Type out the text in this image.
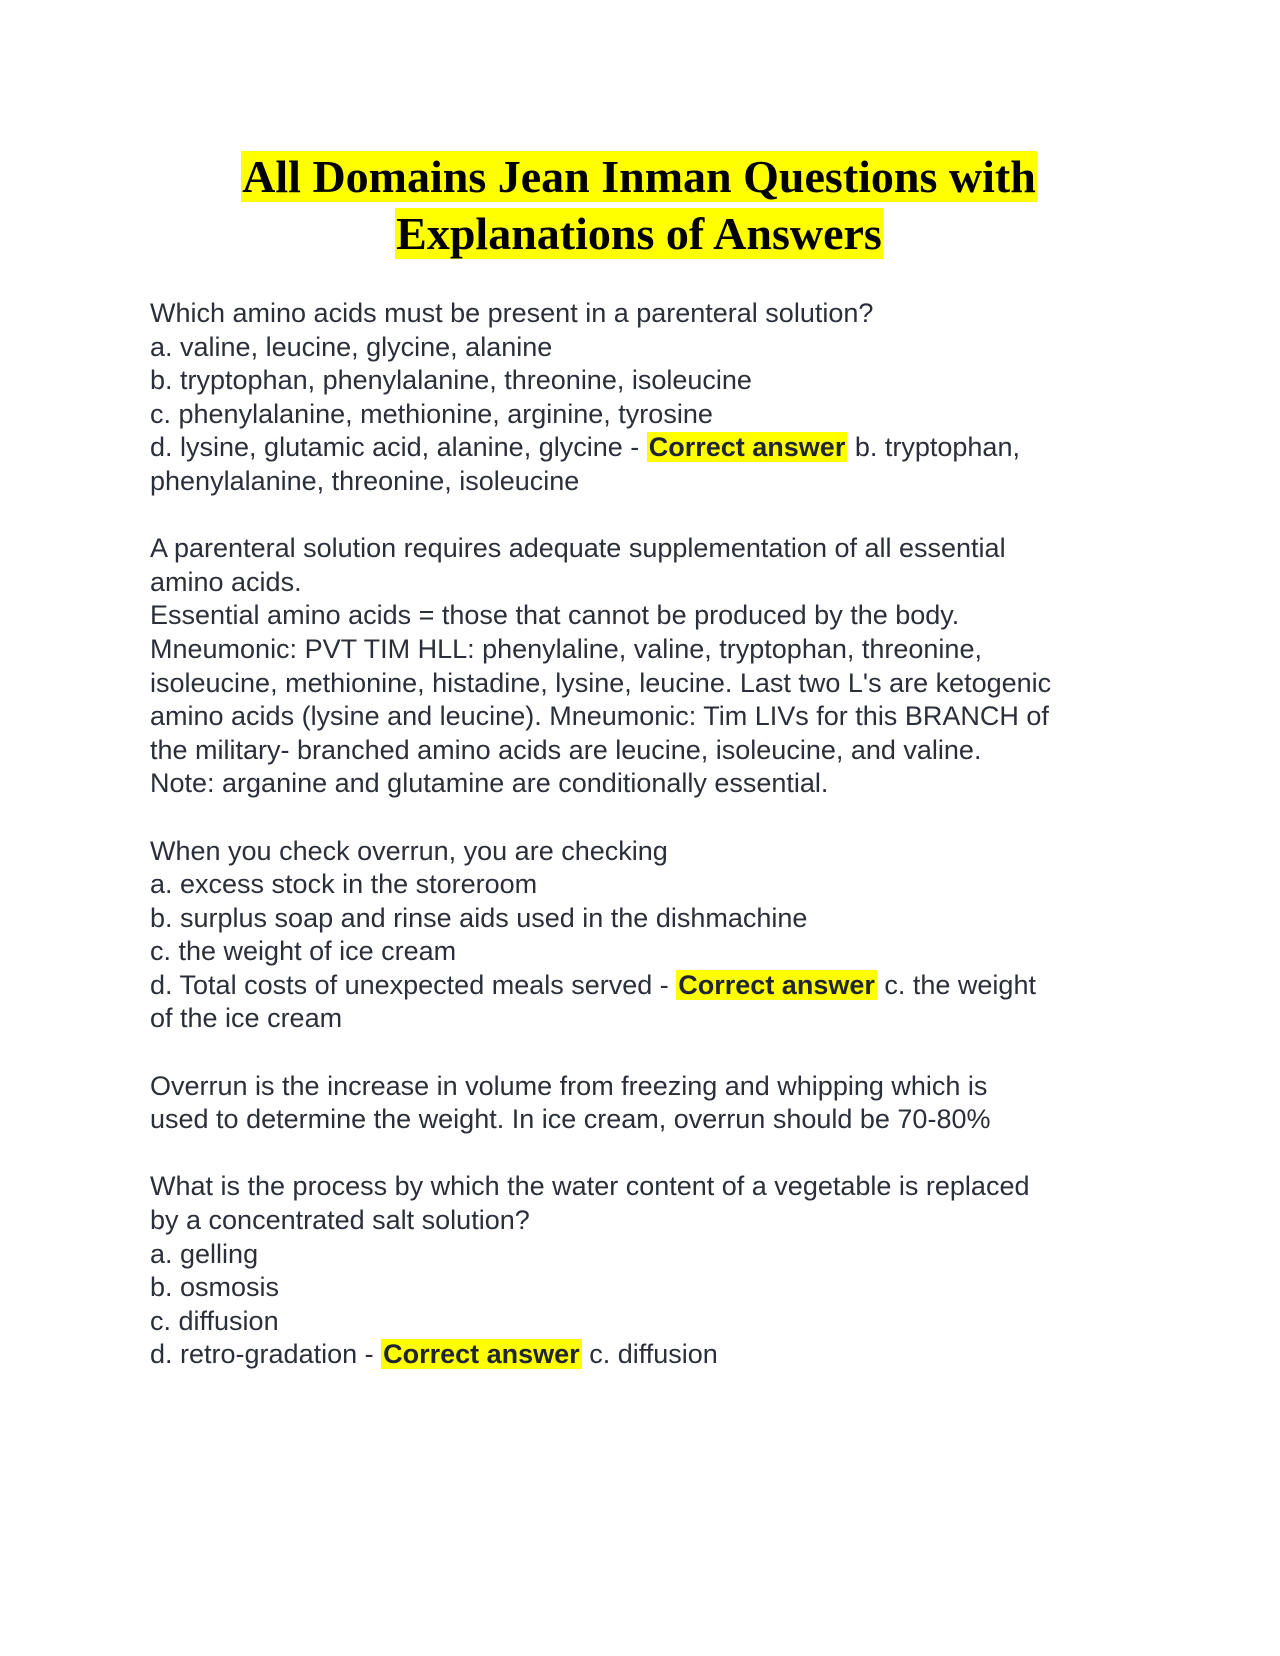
All Domains Jean Inman Questions with
Explanations of Answers
Which amino acids must be present in a parenteral solution?
a. valine, leucine, glycine, alanine
b. tryptophan, phenylalanine, threonine, isoleucine
c. phenylalanine, methionine, arginine, tyrosine
d. lysine, glutamic acid, alanine, glycine - Correct answer b. tryptophan,
phenylalanine, threonine, isoleucine
A parenteral solution requires adequate supplementation of all essential
amino acids.
Essential amino acids = those that cannot be produced by the body.
Mneumonic: PVT TIM HLL: phenylaline, valine, tryptophan, threonine,
isoleucine, methionine, histadine, lysine, leucine. Last two L's are ketogenic
amino acids (lysine and leucine). Mneumonic: Tim LIVs for this BRANCH of
the military- branched amino acids are leucine, isoleucine, and valine.
Note: arganine and glutamine are conditionally essential.
When you check overrun, you are checking
a. excess stock in the storeroom
b. surplus soap and rinse aids used in the dishmachine
c. the weight of ice cream
d. Total costs of unexpected meals served - Correct answer c. the weight
of the ice cream
Overrun is the increase in volume from freezing and whipping which is
used to determine the weight. In ice cream, overrun should be 70-80%
What is the process by which the water content of a vegetable is replaced
by a concentrated salt solution?
a. gelling
b. osmosis
c. diffusion
d. retro-gradation - Correct answer c. diffusion
